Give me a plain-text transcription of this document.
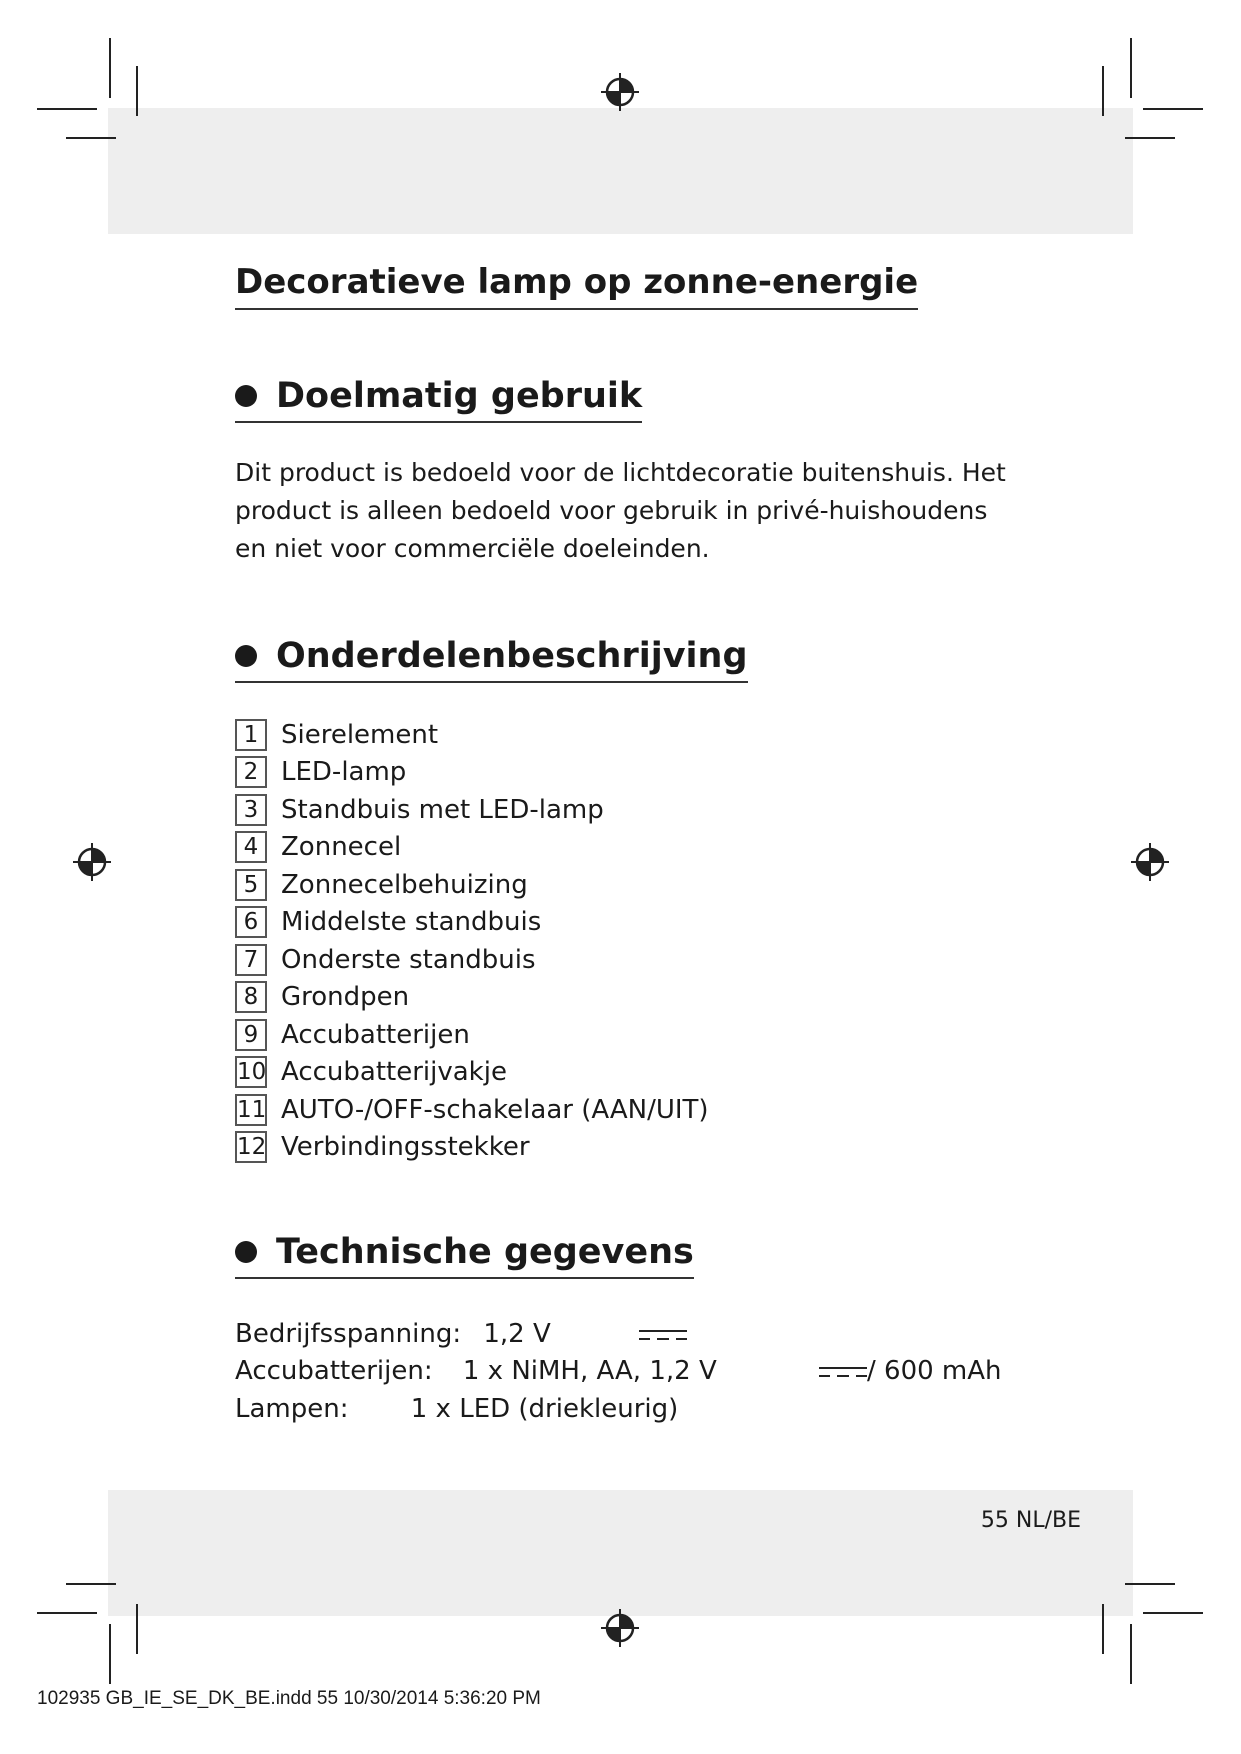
Decoratieve lamp op zonne-energie
Doelmatig gebruik

Dit product is bedoeld voor de lichtdecoratie buitenshuis. Het product is alleen bedoeld voor gebruik in privé-huishoudens en niet voor commerciële doeleinden.

Onderdelenbeschrijving
1 Sierelement
2 LED-lamp
3 Standbuis met LED-lamp
4 Zonnecel
5 Zonnecelbehuizing
6 Middelste standbuis
7 Onderste standbuis
8 Grondpen
9 Accubatterijen
10 Accubatterijvakje
11 AUTO-/OFF-schakelaar (AAN/UIT)
12 Verbindingsstekker
Technische gegevens
Bedrijfsspanning: 1,2 V
Accubatterijen: 1 x NiMH, AA, 1,2 V	/ 600 mAh
Lampen: 1 x LED (driekleurig)
55 NL/BE
102935 GB_IE_SE_DK_BE.indd 55 10/30/2014 5:36:20 PM
